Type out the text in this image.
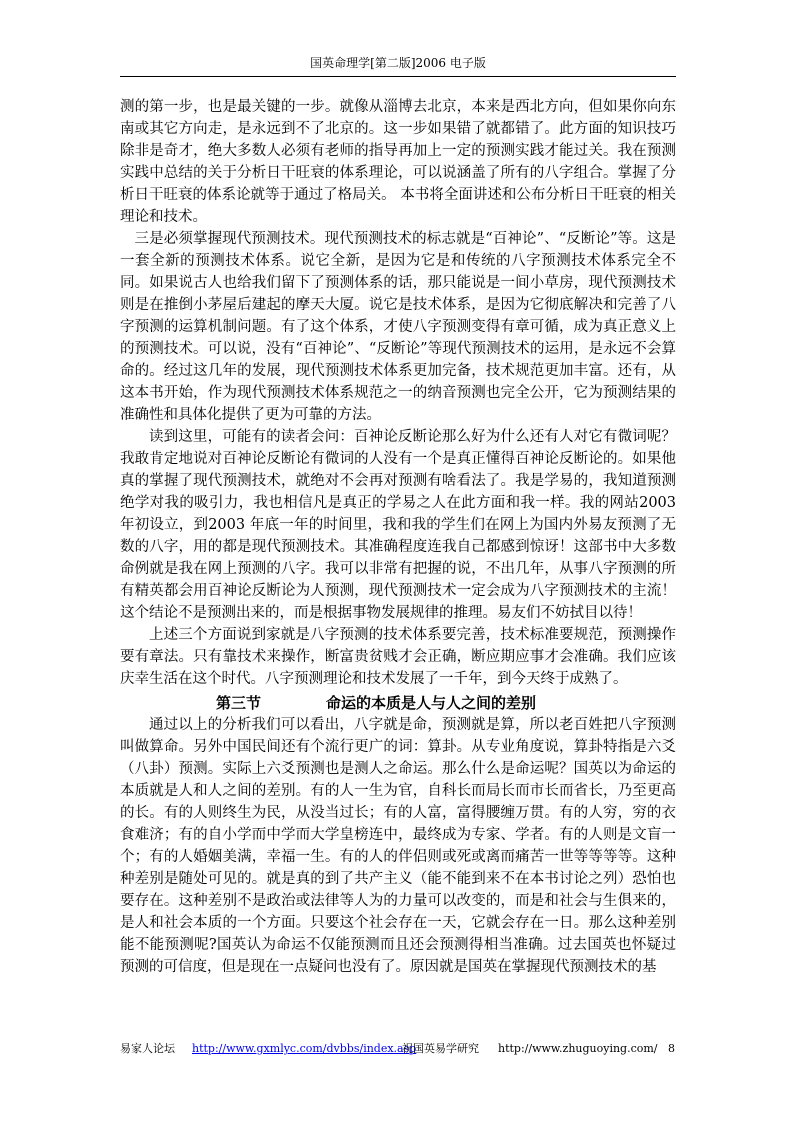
国英命理学[第二版]2006 电子版

测的第一步，也是最关键的一步。就像从淄博去北京，本来是西北方向，但如果你向东南或其它方向走，是永远到不了北京的。这一步如果错了就都错了。此方面的知识技巧除非是奇才，绝大多数人必须有老师的指导再加上一定的预测实践才能过关。我在预测实践中总结的关于分析日干旺衰的体系理论，可以说涵盖了所有的八字组合。掌握了分析日干旺衰的体系论就等于通过了格局关。 本书将全面讲述和公布分析日干旺衰的相关理论和技术。

三是必须掌握现代预测技术。现代预测技术的标志就是“百神论”、“反断论”等。这是一套全新的预测技术体系。说它全新，是因为它是和传统的八字预测技术体系完全不同。如果说古人也给我们留下了预测体系的话，那只能说是一间小草房，现代预测技术则是在推倒小茅屋后建起的摩天大厦。说它是技术体系，是因为它彻底解决和完善了八字预测的运算机制问题。有了这个体系，才使八字预测变得有章可循，成为真正意义上的预测技术。可以说，没有“百神论”、“反断论”等现代预测技术的运用，是永远不会算命的。经过这几年的发展，现代预测技术体系更加完备，技术规范更加丰富。还有，从这本书开始，作为现代预测技术体系规范之一的纳音预测也完全公开，它为预测结果的准确性和具体化提供了更为可靠的方法。

读到这里，可能有的读者会问：百神论反断论那么好为什么还有人对它有微词呢？我敢肯定地说对百神论反断论有微词的人没有一个是真正懂得百神论反断论的。如果他真的掌握了现代预测技术，就绝对不会再对预测有啥看法了。我是学易的，我知道预测绝学对我的吸引力，我也相信凡是真正的学易之人在此方面和我一样。我的网站2003 年初设立，到2003 年底一年的时间里，我和我的学生们在网上为国内外易友预测了无数的八字，用的都是现代预测技术。其准确程度连我自己都感到惊讶！这部书中大多数命例就是我在网上预测的八字。我可以非常有把握的说，不出几年，从事八字预测的所有精英都会用百神论反断论为人预测，现代预测技术一定会成为八字预测技术的主流！这个结论不是预测出来的，而是根据事物发展规律的推理。易友们不妨拭目以待！

上述三个方面说到家就是八字预测的技术体系要完善，技术标准要规范，预测操作要有章法。只有靠技术来操作，断富贵贫贱才会正确，断应期应事才会准确。我们应该庆幸生活在这个时代。八字预测理论和技术发展了一千年，到今天终于成熟了。

第三节	命运的本质是人与人之间的差别

通过以上的分析我们可以看出，八字就是命，预测就是算，所以老百姓把八字预测叫做算命。另外中国民间还有个流行更广的词：算卦。从专业角度说，算卦特指是六爻（八卦）预测。实际上六爻预测也是测人之命运。那么什么是命运呢？国英以为命运的本质就是人和人之间的差别。有的人一生为官，自科长而局长而市长而省长，乃至更高的长。有的人则终生为民，从没当过长；有的人富，富得腰缠万贯。有的人穷，穷的衣食难济；有的自小学而中学而大学皇榜连中，最终成为专家、学者。有的人则是文盲一个；有的人婚姻美满，幸福一生。有的人的伴侣则或死或离而痛苦一世等等等等。这种种差别是随处可见的。就是真的到了共产主义（能不能到来不在本书讨论之列）恐怕也要存在。这种差别不是政治或法律等人为的力量可以改变的，而是和社会与生俱来的，是人和社会本质的一个方面。只要这个社会存在一天，它就会存在一日。那么这种差别能不能预测呢?国英认为命运不仅能预测而且还会预测得相当准确。过去国英也怀疑过预测的可信度，但是现在一点疑问也没有了。原因就是国英在掌握现代预测技术的基

易家人论坛 http://www.gxmlyc.com/dvbbs/index.asp
祝国英易学研究 http://www.zhuguoying.com/ 8
